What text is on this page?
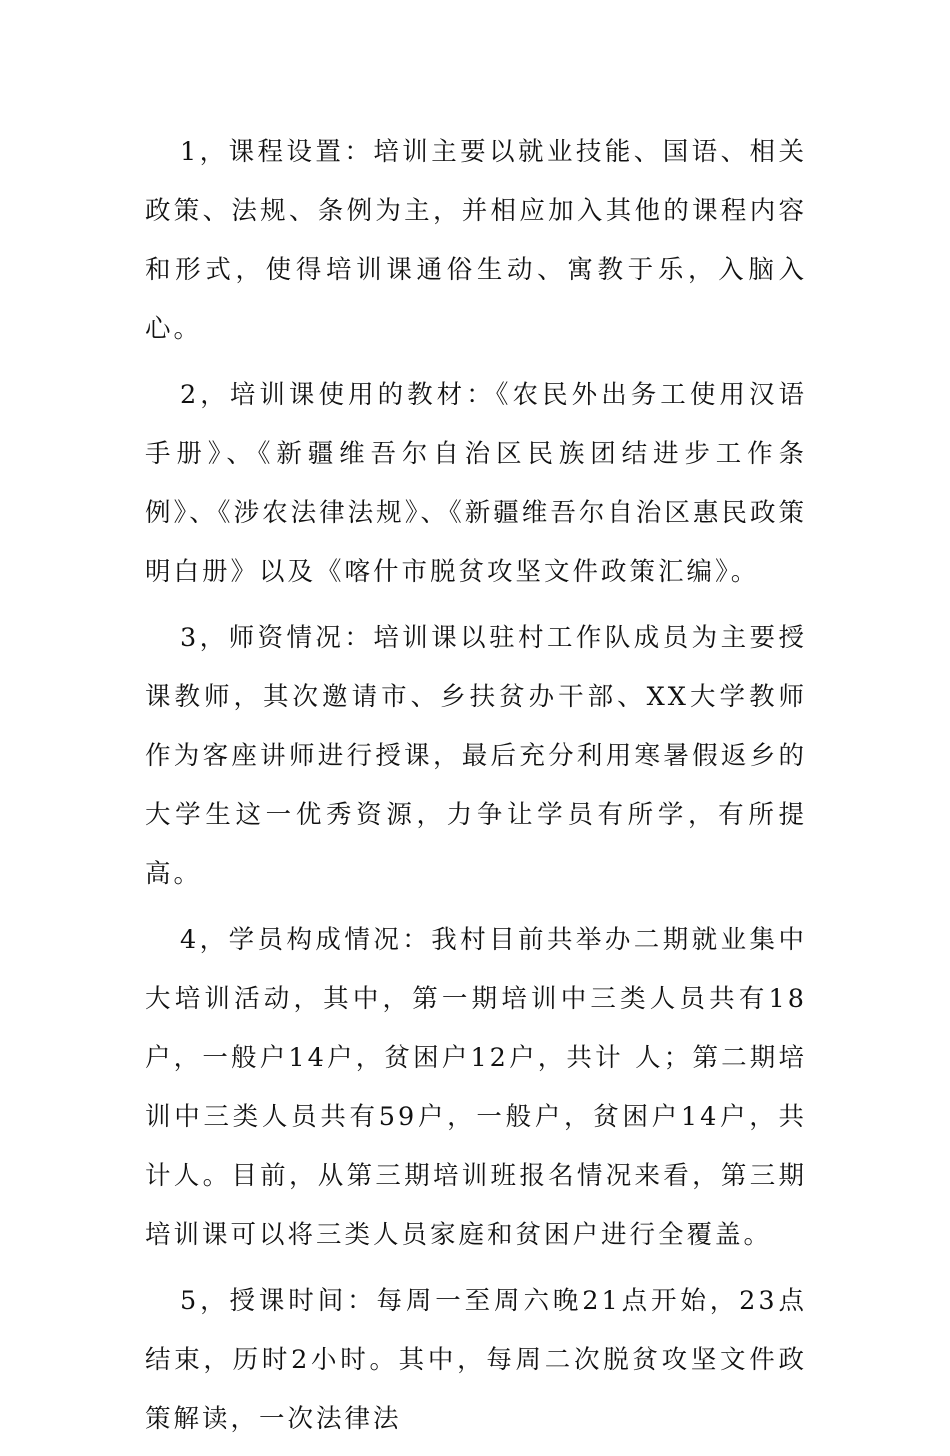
1，课程设置：培训主要以就业技能、国语、相关政策、法规、条例为主，并相应加入其他的课程内容和形式，使得培训课通俗生动、寓教于乐，入脑入心。

2，培训课使用的教材：《农民外出务工使用汉语手册》、《新疆维吾尔自治区民族团结进步工作条例》、《涉农法律法规》、《新疆维吾尔自治区惠民政策明白册》以及《喀什市脱贫攻坚文件政策汇编》。

3，师资情况：培训课以驻村工作队成员为主要授课教师，其次邀请市、乡扶贫办干部、XX大学教师作为客座讲师进行授课，最后充分利用寒暑假返乡的大学生这一优秀资源，力争让学员有所学，有所提高。

4，学员构成情况：我村目前共举办二期就业集中大培训活动，其中，第一期培训中三类人员共有18户，一般户14户，贫困户12户，共计 人；第二期培训中三类人员共有59户，一般户，贫困户14户，共计人。目前，从第三期培训班报名情况来看，第三期培训课可以将三类人员家庭和贫困户进行全覆盖。

5，授课时间：每周一至周六晚21点开始，23点结束，历时2小时。其中，每周二次脱贫攻坚文件政策解读，一次法律法
